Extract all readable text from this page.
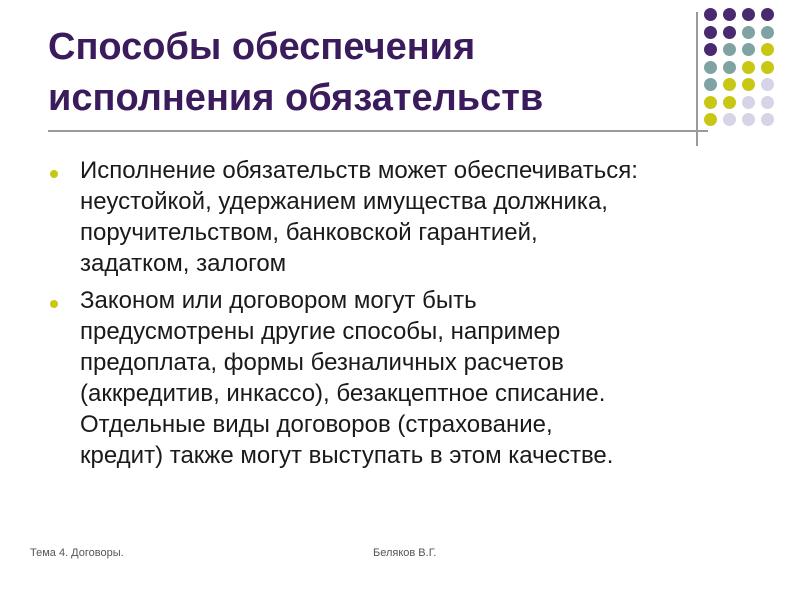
Способы обеспечения
исполнения обязательств
Исполнение обязательств может обеспечиваться:
неустойкой, удержанием имущества должника,
поручительством, банковской гарантией,
задатком, залогом
Законом или договором могут быть
предусмотрены другие способы, например
предоплата, формы безналичных расчетов
(аккредитив, инкассо), безакцептное списание.
Отдельные виды договоров (страхование,
кредит) также могут выступать в этом качестве.
Тема 4. Договоры.	Беляков В.Г.
